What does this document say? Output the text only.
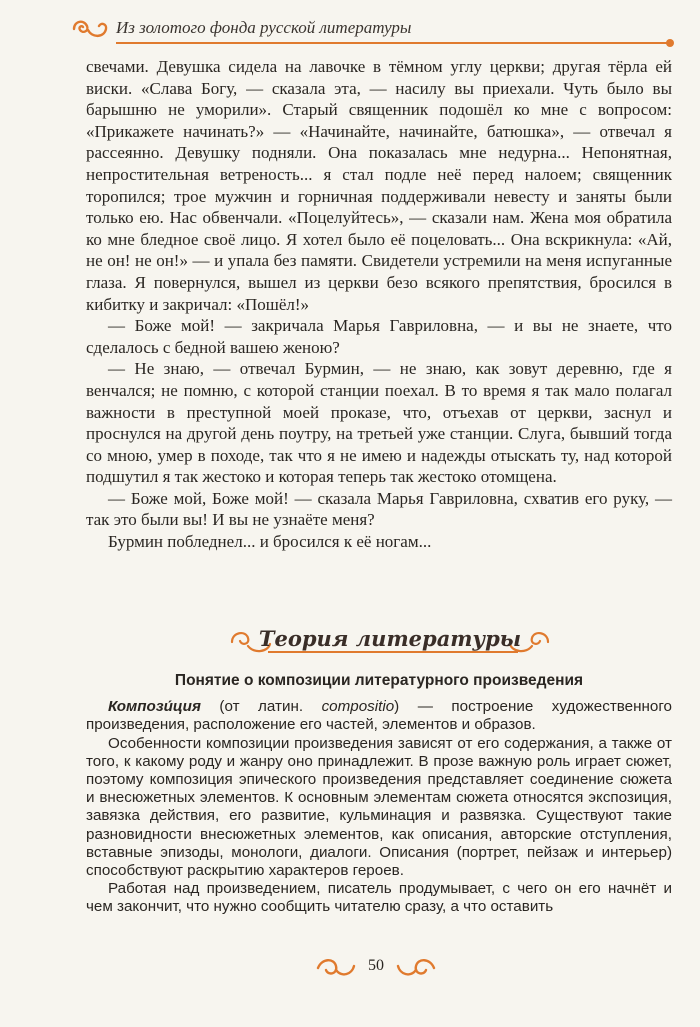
Из золотого фонда русской литературы

свечами. Девушка сидела на лавочке в тёмном углу церкви; другая тёрла ей виски. «Слава Богу, — сказала эта, — насилу вы приехали. Чуть было вы барышню не уморили». Старый священник подошёл ко мне с вопросом: «Прикажете начинать?» — «Начинайте, начинайте, батюшка», — отвечал я рассеянно. Девушку подняли. Она показалась мне недурна... Непонятная, непростительная ветреность... я стал подле неё перед налоем; священник торопился; трое мужчин и горничная поддерживали невесту и заняты были только ею. Нас обвенчали. «Поцелуйтесь», — сказали нам. Жена моя обратила ко мне бледное своё лицо. Я хотел было её поцеловать... Она вскрикнула: «Ай, не он! не он!» — и упала без памяти. Свидетели устремили на меня испуганные глаза. Я повернулся, вышел из церкви безо всякого препятствия, бросился в кибитку и закричал: «Пошёл!»

— Боже мой! — закричала Марья Гавриловна, — и вы не знаете, что сделалось с бедной вашею женою?

— Не знаю, — отвечал Бурмин, — не знаю, как зовут деревню, где я венчался; не помню, с которой станции поехал. В то время я так мало полагал важности в преступной моей проказе, что, отъехав от церкви, заснул и проснулся на другой день поутру, на третьей уже станции. Слуга, бывший тогда со мною, умер в походе, так что я не имею и надежды отыскать ту, над которой подшутил я так жестоко и которая теперь так жестоко отомщена.

— Боже мой, Боже мой! — сказала Марья Гавриловна, схватив его руку, — так это были вы! И вы не узнаёте меня?

Бурмин побледнел... и бросился к её ногам...

Теория литературы
Понятие о композиции литературного произведения

Компози́ция (от латин. compositio) — построение художественного произведения, расположение его частей, элементов и образов.

Особенности композиции произведения зависят от его содержания, а также от того, к какому роду и жанру оно принадлежит. В прозе важную роль играет сюжет, поэтому композиция эпического произведения представляет соединение сюжета и внесюжетных элементов. К основным элементам сюжета относятся экспозиция, завязка действия, его развитие, кульминация и развязка. Существуют такие разновидности внесюжетных элементов, как описания, авторские отступления, вставные эпизоды, монологи, диалоги. Описания (портрет, пейзаж и интерьер) способствуют раскрытию характеров героев.

Работая над произведением, писатель продумывает, с чего он его начнёт и чем закончит, что нужно сообщить читателю сразу, а что оставить

50
